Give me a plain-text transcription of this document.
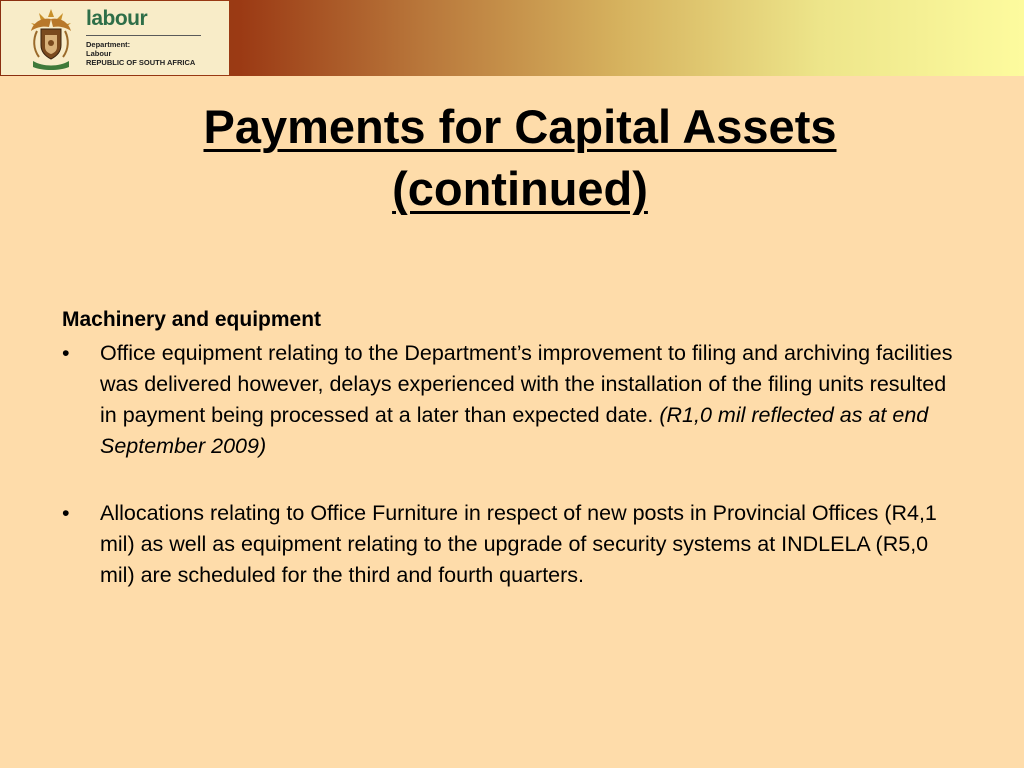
labour
Department:
Labour
REPUBLIC OF SOUTH AFRICA
Payments for Capital Assets
(continued)
Machinery and equipment
• Office equipment relating to the Department’s improvement to filing and archiving facilities was delivered however, delays experienced with the installation of the filing units resulted in payment being processed at a later than expected date. (R1,0 mil reflected as at end September 2009)
• Allocations relating to Office Furniture in respect of new posts in Provincial Offices (R4,1 mil) as well as equipment relating to the upgrade of security systems at INDLELA (R5,0 mil) are scheduled for the third and fourth quarters.
